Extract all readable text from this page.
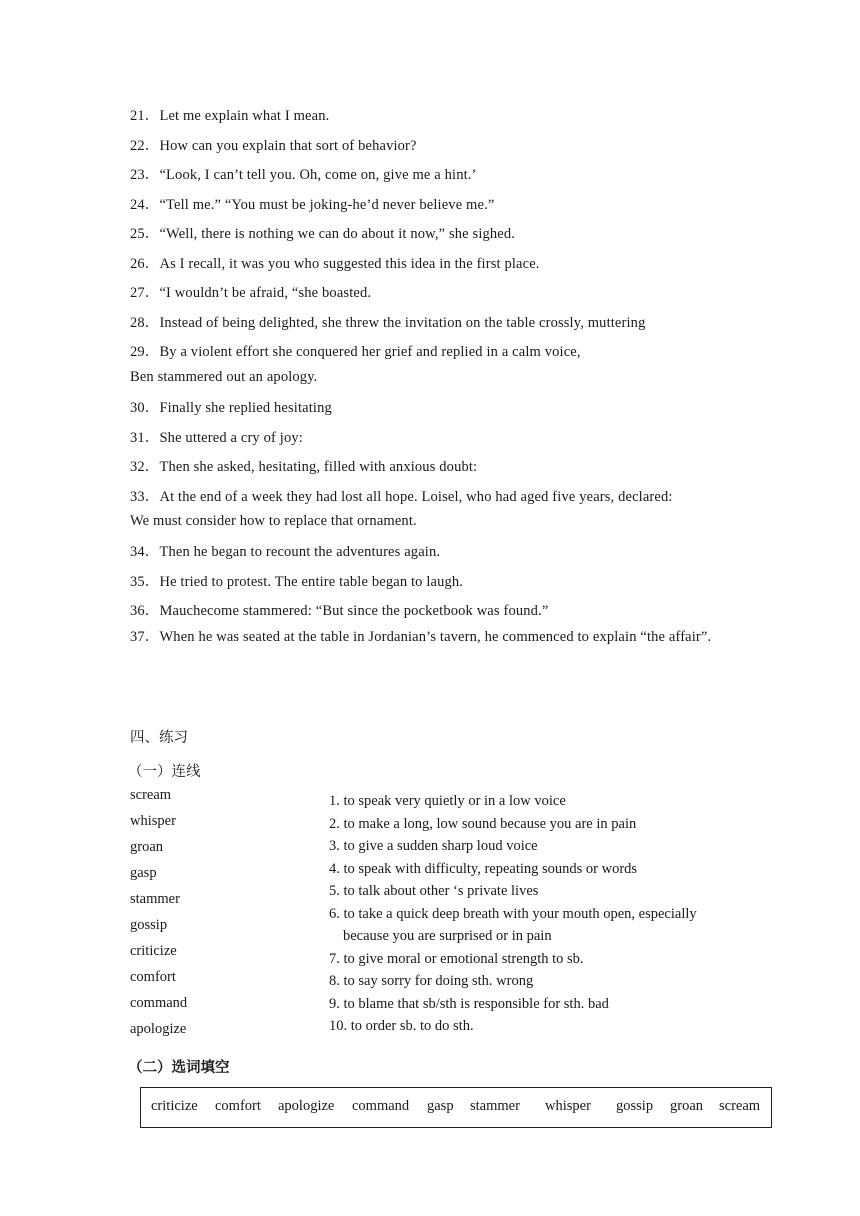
21．Let me explain what I mean.
22．How can you explain that sort of behavior?
23．“Look, I can’t tell you. Oh, come on, give me a hint.’
24．“Tell me.” “You must be joking-he’d never believe me.”
25．“Well, there is nothing we can do about it now,” she sighed.
26．As I recall, it was you who suggested this idea in the first place.
27．“I wouldn’t be afraid, “she boasted.
28．Instead of being delighted, she threw the invitation on the table crossly, muttering
29．By a violent effort she conquered her grief and replied in a calm voice,
Ben stammered out an apology.
30．Finally she replied hesitating
31．She uttered a cry of joy:
32．Then she asked, hesitating, filled with anxious doubt:
33．At the end of a week they had lost all hope. Loisel, who had aged five years, declared:
We must consider how to replace that ornament.
34．Then he began to recount the adventures again.
35．He tried to protest. The entire table began to laugh.
36．Mauchecome stammered: “But since the pocketbook was found.”
37．When he was seated at the table in Jordanian’s tavern, he commenced to explain “the affair”.
四、练习
（一）连线
scream
whisper
groan
gasp
stammer
gossip
criticize
comfort
command
apologize
1. to speak very quietly or in a low voice
2. to make a long, low sound because you are in pain
3. to give a sudden sharp loud voice
4. to speak with difficulty, repeating sounds or words
5. to talk about other ‘s private lives
6. to take a quick deep breath with your mouth open, especially
because you are surprised or in pain
7. to give moral or emotional strength to sb.
8. to say sorry for doing sth. wrong
9. to blame that sb/sth is responsible for sth. bad
10. to order sb. to do sth.
（二）选词填空
criticize comfort apologize command gasp stammer whisper gossip groan scream
